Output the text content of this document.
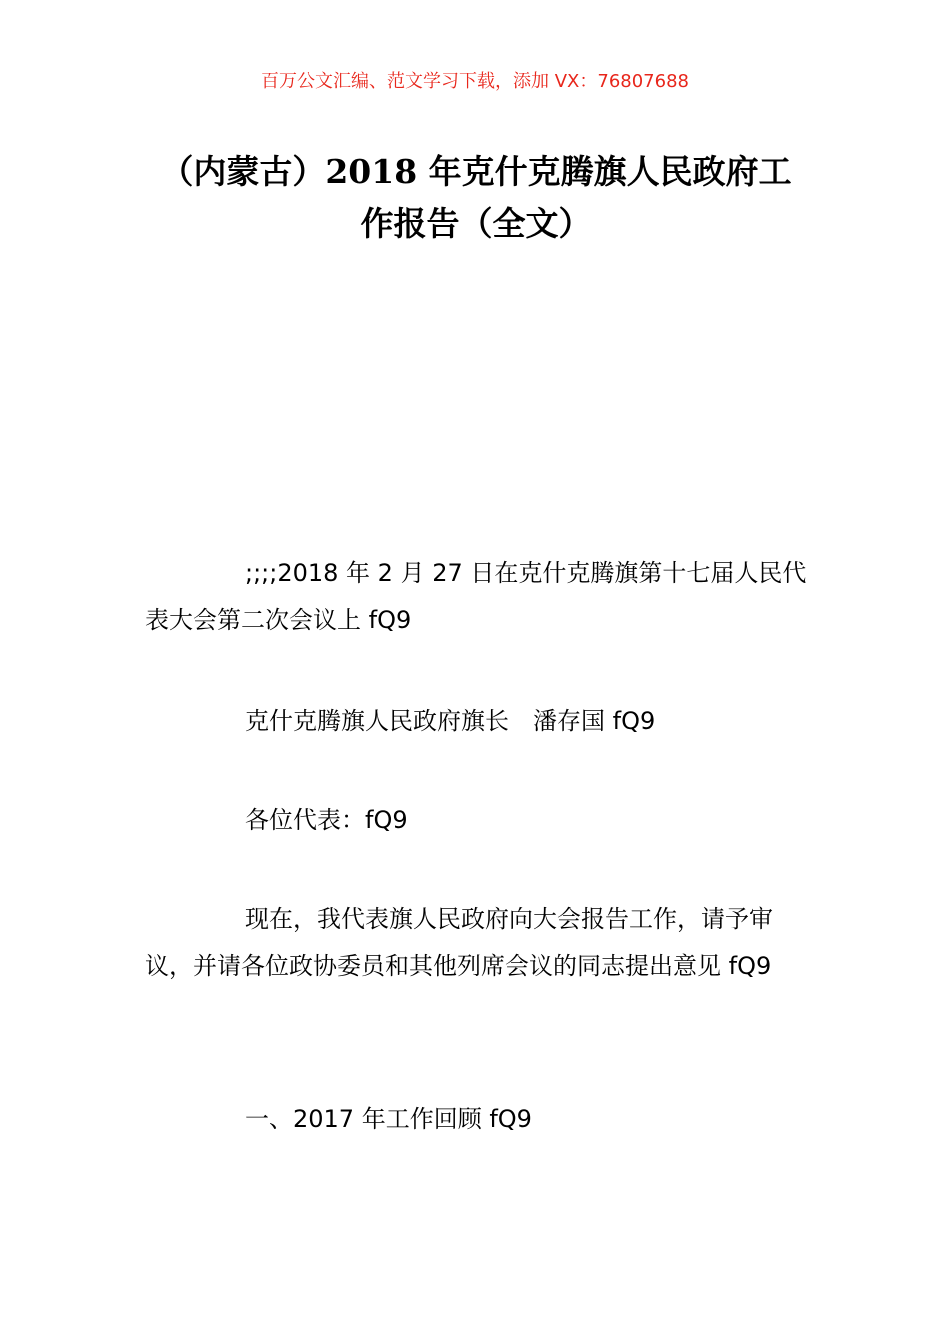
百万公文汇编、范文学习下载，添加 VX：76807688
（内蒙古）2018 年克什克腾旗人民政府工作报告（全文）
;;;;2018 年 2 月 27 日在克什克腾旗第十七届人民代表大会第二次会议上 fQ9
克什克腾旗人民政府旗长　潘存国 fQ9
各位代表：fQ9
现在，我代表旗人民政府向大会报告工作，请予审议，并请各位政协委员和其他列席会议的同志提出意见 fQ9
一、2017 年工作回顾 fQ9
